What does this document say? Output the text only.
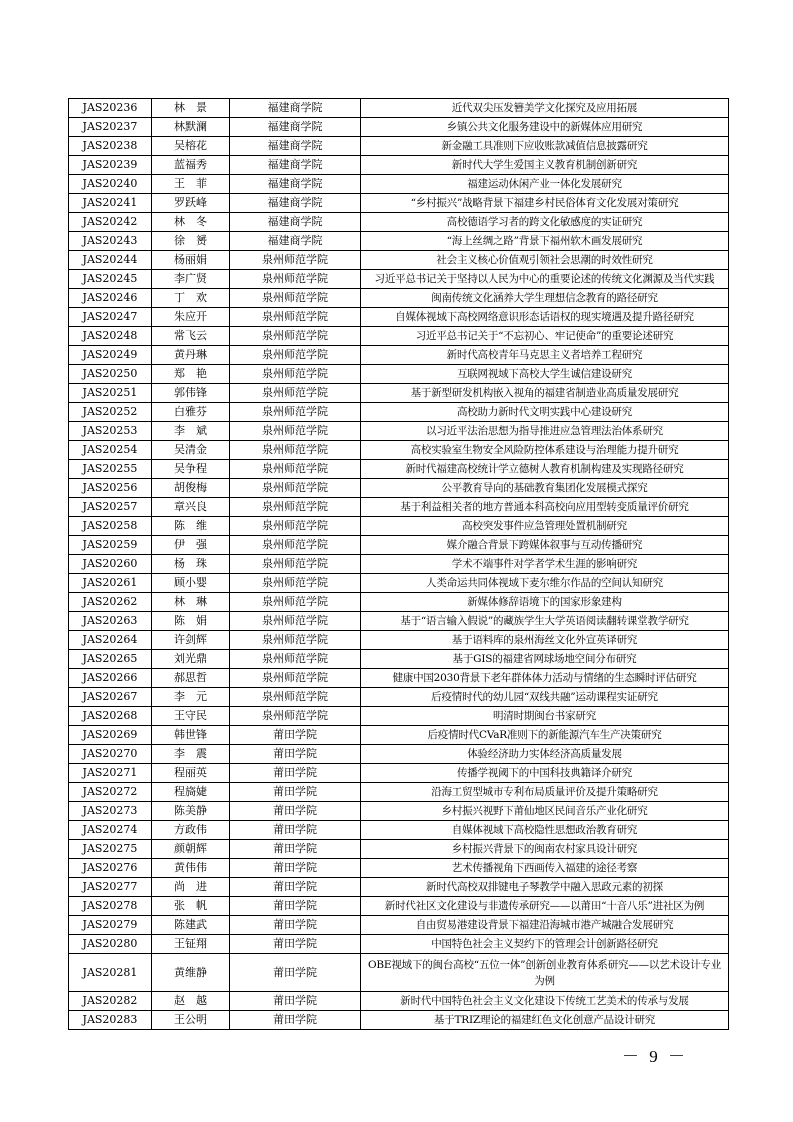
JAS20236	林　景	福建商学院	近代双尖压发簪美学文化探究及应用拓展
JAS20237	林默澜	福建商学院	乡镇公共文化服务建设中的新媒体应用研究
JAS20238	吴榕花	福建商学院	新金融工具准则下应收账款减值信息披露研究
JAS20239	蓝福秀	福建商学院	新时代大学生爱国主义教育机制创新研究
JAS20240	王　菲	福建商学院	福建运动休闲产业一体化发展研究
JAS20241	罗跃峰	福建商学院	“乡村振兴”战略背景下福建乡村民俗体育文化发展对策研究
JAS20242	林　冬	福建商学院	高校德语学习者的跨文化敏感度的实证研究
JAS20243	徐　赟	福建商学院	“海上丝绸之路”背景下福州软木画发展研究
JAS20244	杨丽娟	泉州师范学院	社会主义核心价值观引领社会思潮的时效性研究
JAS20245	李广贤	泉州师范学院	习近平总书记关于坚持以人民为中心的重要论述的传统文化渊源及当代实践
JAS20246	丁　欢	泉州师范学院	闽南传统文化涵养大学生理想信念教育的路径研究
JAS20247	朱应开	泉州师范学院	自媒体视域下高校网络意识形态话语权的现实境遇及提升路径研究
JAS20248	常飞云	泉州师范学院	习近平总书记关于“不忘初心、牢记使命”的重要论述研究
JAS20249	黄丹琳	泉州师范学院	新时代高校青年马克思主义者培养工程研究
JAS20250	郑　艳	泉州师范学院	互联网视域下高校大学生诚信建设研究
JAS20251	郭伟锋	泉州师范学院	基于新型研发机构嵌入视角的福建省制造业高质量发展研究
JAS20252	白雅芬	泉州师范学院	高校助力新时代文明实践中心建设研究
JAS20253	李　斌	泉州师范学院	以习近平法治思想为指导推进应急管理法治体系研究
JAS20254	吴清金	泉州师范学院	高校实验室生物安全风险防控体系建设与治理能力提升研究
JAS20255	吴争程	泉州师范学院	新时代福建高校统计学立德树人教育机制构建及实现路径研究
JAS20256	胡俊梅	泉州师范学院	公平教育导向的基础教育集团化发展模式探究
JAS20257	章兴良	泉州师范学院	基于利益相关者的地方普通本科高校向应用型转变质量评价研究
JAS20258	陈　维	泉州师范学院	高校突发事件应急管理处置机制研究
JAS20259	伊　强	泉州师范学院	媒介融合背景下跨媒体叙事与互动传播研究
JAS20260	杨　珠	泉州师范学院	学术不端事件对学者学术生涯的影响研究
JAS20261	顾小婴	泉州师范学院	人类命运共同体视域下麦尔维尔作品的空间认知研究
JAS20262	林　琳	泉州师范学院	新媒体修辞语境下的国家形象建构
JAS20263	陈　娟	泉州师范学院	基于“语言输入假说”的藏族学生大学英语阅读翻转课堂教学研究
JAS20264	许剑辉	泉州师范学院	基于语料库的泉州海丝文化外宣英译研究
JAS20265	刘光鼎	泉州师范学院	基于GIS的福建省网球场地空间分布研究
JAS20266	郝思哲	泉州师范学院	健康中国2030背景下老年群体体力活动与情绪的生态瞬时评估研究
JAS20267	李　元	泉州师范学院	后疫情时代的幼儿园“双线共融”运动课程实证研究
JAS20268	王守民	泉州师范学院	明清时期闽台书家研究
JAS20269	韩世锋	莆田学院	后疫情时代CVaR准则下的新能源汽车生产决策研究
JAS20270	李　震	莆田学院	体验经济助力实体经济高质量发展
JAS20271	程丽英	莆田学院	传播学视阈下的中国科技典籍译介研究
JAS20272	程旖婕	莆田学院	沿海工贸型城市专利布局质量评价及提升策略研究
JAS20273	陈美静	莆田学院	乡村振兴视野下莆仙地区民间音乐产业化研究
JAS20274	方政伟	莆田学院	自媒体视域下高校隐性思想政治教育研究
JAS20275	颜朝辉	莆田学院	乡村振兴背景下的闽南农村家具设计研究
JAS20276	黄伟伟	莆田学院	艺术传播视角下西画传入福建的途径考察
JAS20277	尚　进	莆田学院	新时代高校双排键电子琴教学中融入思政元素的初探
JAS20278	张　帆	莆田学院	新时代社区文化建设与非遗传承研究——以莆田“十音八乐”进社区为例
JAS20279	陈建武	莆田学院	自由贸易港建设背景下福建沿海城市港产城融合发展研究
JAS20280	王钲翔	莆田学院	中国特色社会主义契约下的管理会计创新路径研究
JAS20281	黄维静	莆田学院	OBE视域下的闽台高校“五位一体”创新创业教育体系研究——以艺术设计专业为例
JAS20282	赵　越	莆田学院	新时代中国特色社会主义文化建设下传统工艺美术的传承与发展
JAS20283	王公明	莆田学院	基于TRIZ理论的福建红色文化创意产品设计研究
－ 9 －
